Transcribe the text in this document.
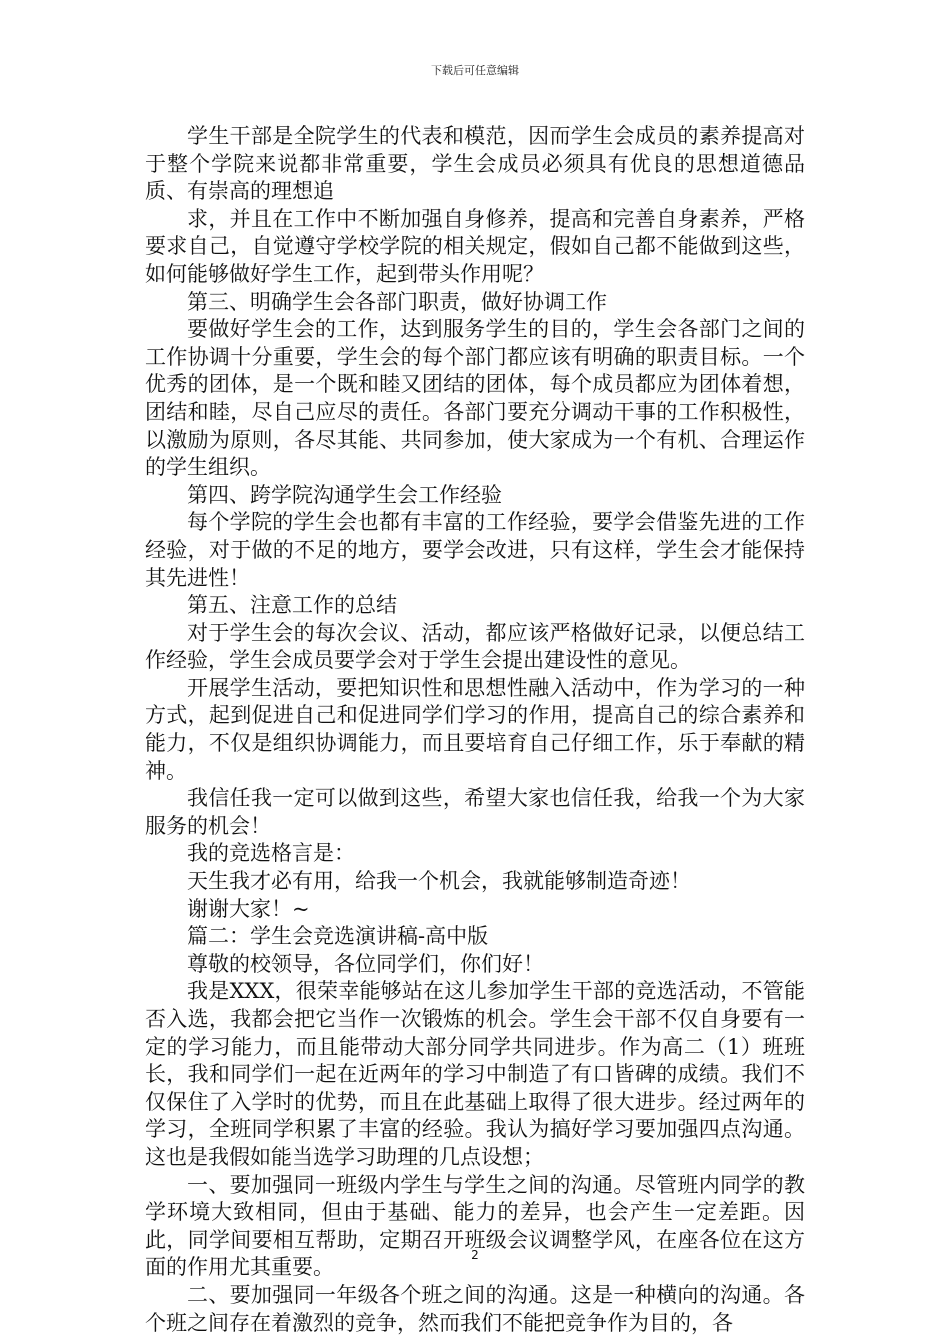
下载后可任意编辑

学生干部是全院学生的代表和模范，因而学生会成员的素养提高对于整个学院来说都非常重要，学生会成员必须具有优良的思想道德品质、有崇高的理想追

求，并且在工作中不断加强自身修养，提高和完善自身素养，严格要求自己，自觉遵守学校学院的相关规定，假如自己都不能做到这些，如何能够做好学生工作，起到带头作用呢？

第三、明确学生会各部门职责，做好协调工作

要做好学生会的工作，达到服务学生的目的，学生会各部门之间的工作协调十分重要，学生会的每个部门都应该有明确的职责目标。一个优秀的团体，是一个既和睦又团结的团体，每个成员都应为团体着想，团结和睦，尽自己应尽的责任。各部门要充分调动干事的工作积极性，以激励为原则，各尽其能、共同参加，使大家成为一个有机、合理运作的学生组织。

第四、跨学院沟通学生会工作经验

每个学院的学生会也都有丰富的工作经验，要学会借鉴先进的工作经验，对于做的不足的地方，要学会改进，只有这样，学生会才能保持其先进性！

第五、注意工作的总结

对于学生会的每次会议、活动，都应该严格做好记录，以便总结工作经验，学生会成员要学会对于学生会提出建设性的意见。

开展学生活动，要把知识性和思想性融入活动中，作为学习的一种方式，起到促进自己和促进同学们学习的作用，提高自己的综合素养和能力，不仅是组织协调能力，而且要培育自己仔细工作，乐于奉献的精神。

我信任我一定可以做到这些，希望大家也信任我，给我一个为大家服务的机会！

我的竞选格言是：

天生我才必有用，给我一个机会，我就能够制造奇迹！

谢谢大家！~

篇二：学生会竞选演讲稿-高中版

尊敬的校领导，各位同学们，你们好！

我是XXX，很荣幸能够站在这儿参加学生干部的竞选活动，不管能否入选，我都会把它当作一次锻炼的机会。学生会干部不仅自身要有一定的学习能力，而且能带动大部分同学共同进步。作为高二（1）班班长，我和同学们一起在近两年的学习中制造了有口皆碑的成绩。我们不仅保住了入学时的优势，而且在此基础上取得了很大进步。经过两年的学习，全班同学积累了丰富的经验。我认为搞好学习要加强四点沟通。这也是我假如能当选学习助理的几点设想；

一、要加强同一班级内学生与学生之间的沟通。尽管班内同学的教学环境大致相同，但由于基础、能力的差异，也会产生一定差距。因此，同学间要相互帮助，定期召开班级会议调整学风，在座各位在这方面的作用尤其重要。

二、要加强同一年级各个班之间的沟通。这是一种横向的沟通。各个班之间存在着激烈的竞争，然而我们不能把竞争作为目的，各

2
